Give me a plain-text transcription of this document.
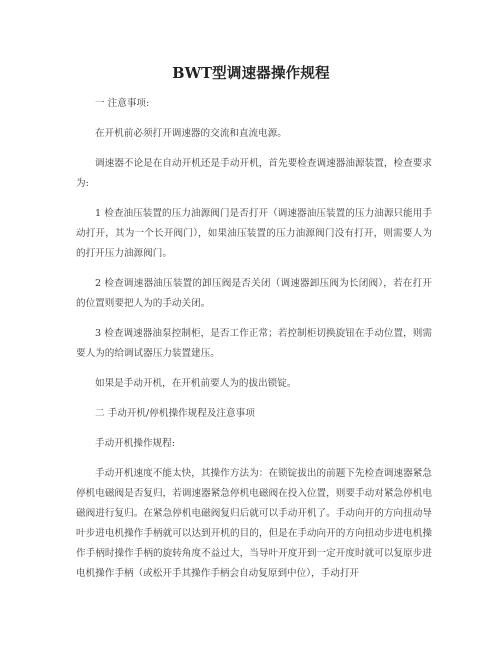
BWT型调速器操作规程

一 注意事项:

在开机前必须打开调速器的交流和直流电源。

调速器不论是在自动开机还是手动开机，首先要检查调速器油源装置，检查要求为:

1 检查油压装置的压力油源阀门是否打开（调速器油压装置的压力油源只能用手动打开，其为一个长开阀门），如果油压装置的压力油源阀门没有打开，则需要人为的打开压力油源阀门。

2 检查调速器油压装置的卸压阀是否关闭（调速器卸压阀为长闭阀），若在打开的位置则要把人为的手动关闭。

3 检查调速器油泵控制柜，是否工作正常；若控制柜切换旋钮在手动位置，则需要人为的给调试器压力装置建压。

如果是手动开机，在开机前要人为的拔出锁锭。

二 手动开机/停机操作规程及注意事项

手动开机操作规程:

手动开机速度不能太快，其操作方法为：在锁锭拔出的前题下先检查调速器紧急停机电磁阀是否复归，若调速器紧急停机电磁阀在投入位置，则要手动对紧急停机电磁阀进行复归。在紧急停机电磁阀复归后就可以手动开机了。手动向开的方向扭动导叶步进电机操作手柄就可以达到开机的目的，但是在手动向开的方向扭动步进电机操作手柄时操作手柄的旋转角度不益过大，当导叶开度开到一定开度时就可以复原步进电机操作手柄（或松开手其操作手柄会自动复原到中位），手动打开
